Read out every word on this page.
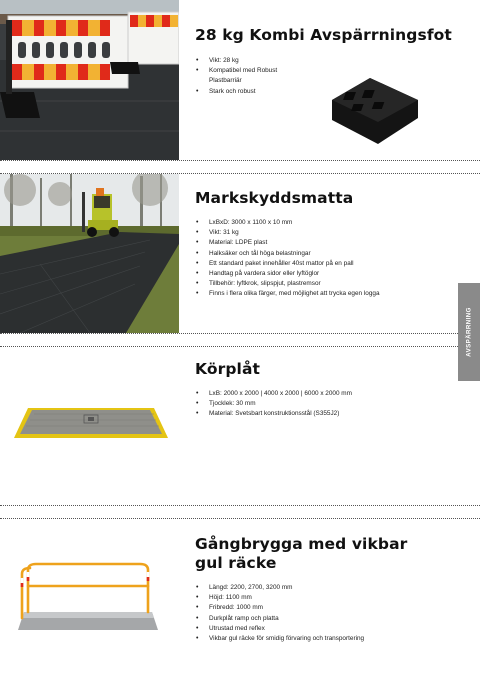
28 kg Kombi Avspärrningsfot
• Vikt: 28 kg
• Kompatibel med Robust Plastbarriär
• Stark och robust
Markskyddsmatta
• LxBxD: 3000 x 1100 x 10 mm
• Vikt: 31 kg
• Material: LDPE plast
• Halksäker och tål höga belastningar
• Ett standard paket innehåller 40st mattor på en pall
• Handtag på vardera sidor eller lyftöglor
• Tillbehör: lyftkrok, slipspjut, plastremsor
• Finns i flera olika färger, med möjlighet att trycka egen logga
AVSPÄRRNING
Körplåt
• LxB: 2000 x 2000 | 4000 x 2000 | 6000 x 2000 mm
• Tjocklek: 30 mm
• Material: Svetsbart konstruktionsstål (S355J2)
Gångbrygga med vikbar
gul räcke
• Längd: 2200, 2700, 3200 mm
• Höjd: 1100 mm
• Fribredd: 1000 mm
• Durkplåt ramp och platta
• Utrustad med reflex
• Vikbar gul räcke för smidig förvaring och transportering
